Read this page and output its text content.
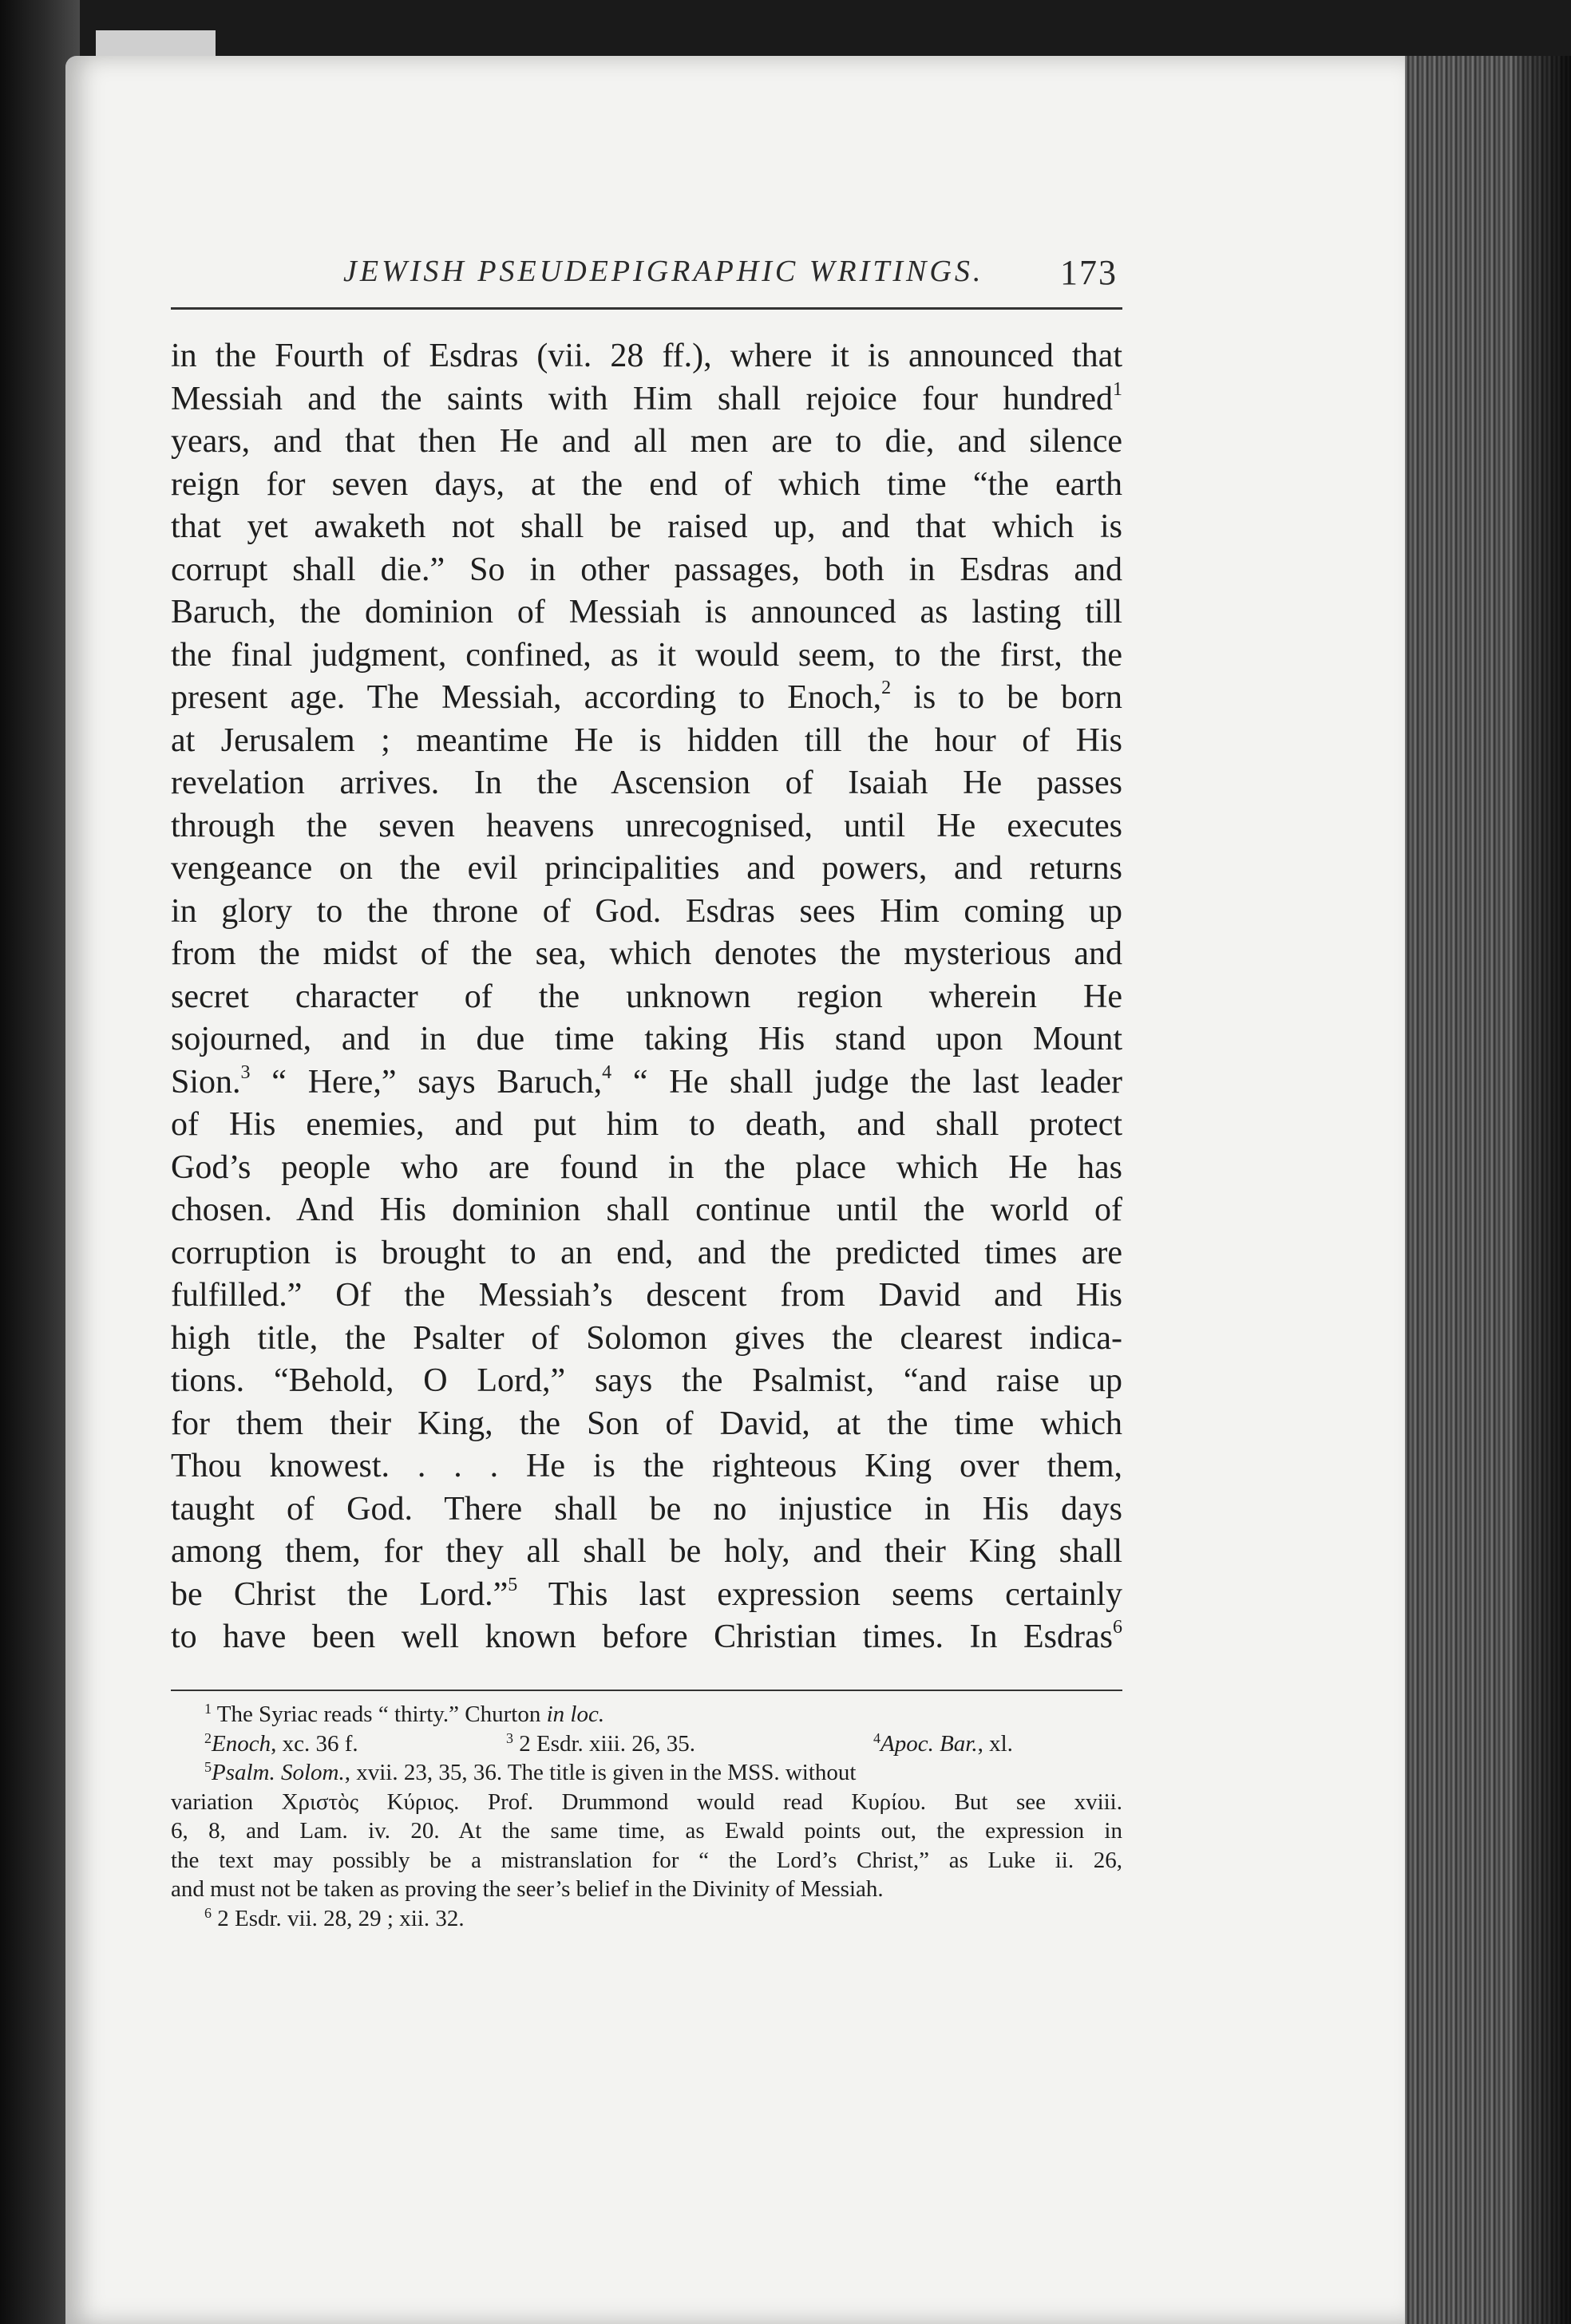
JEWISH PSEUDEPIGRAPHIC WRITINGS. 173
in the Fourth of Esdras (vii. 28 ff.), where it is announced that
Messiah and the saints with Him shall rejoice four hundred$^1$
years, and that then He and all men are to die, and silence
reign for seven days, at the end of which time “the earth
that yet awaketh not shall be raised up, and that which is
corrupt shall die.” So in other passages, both in Esdras and
Baruch, the dominion of Messiah is announced as lasting till
the final judgment, confined, as it would seem, to the first, the
present age. The Messiah, according to Enoch,$^2$ is to be born
at Jerusalem ; meantime He is hidden till the hour of His
revelation arrives. In the Ascension of Isaiah He passes
through the seven heavens unrecognised, until He executes
vengeance on the evil principalities and powers, and returns
in glory to the throne of God. Esdras sees Him coming up
from the midst of the sea, which denotes the mysterious and
secret character of the unknown region wherein He
sojourned, and in due time taking His stand upon Mount
Sion.$^3$ “ Here,” says Baruch,$^4$ “ He shall judge the last leader
of His enemies, and put him to death, and shall protect
God’s people who are found in the place which He has
chosen. And His dominion shall continue until the world of
corruption is brought to an end, and the predicted times are
fulfilled.” Of the Messiah’s descent from David and His
high title, the Psalter of Solomon gives the clearest indica-
tions. “Behold, O Lord,” says the Psalmist, “and raise up
for them their King, the Son of David, at the time which
Thou knowest. . . . He is the righteous King over them,
taught of God. There shall be no injustice in His days
among them, for they all shall be holy, and their King shall
be Christ the Lord.”$^5$ This last expression seems certainly
to have been well known before Christian times. In Esdras$^6$
$^1$ The Syriac reads “ thirty.” Churton in loc.
$^2$Enoch, xc. 36 f.	$^3$ 2 Esdr. xiii. 26, 35.	$^4$Apoc. Bar., xl.
$^5$Psalm. Solom., xvii. 23, 35, 36. The title is given in the MSS. without
variation Χριστὸς Κύριος. Prof. Drummond would read Κυρίου. But see xviii.
6, 8, and Lam. iv. 20. At the same time, as Ewald points out, the expression in
the text may possibly be a mistranslation for “ the Lord’s Christ,” as Luke ii. 26,
and must not be taken as proving the seer’s belief in the Divinity of Messiah.
$^6$ 2 Esdr. vii. 28, 29 ; xii. 32.
